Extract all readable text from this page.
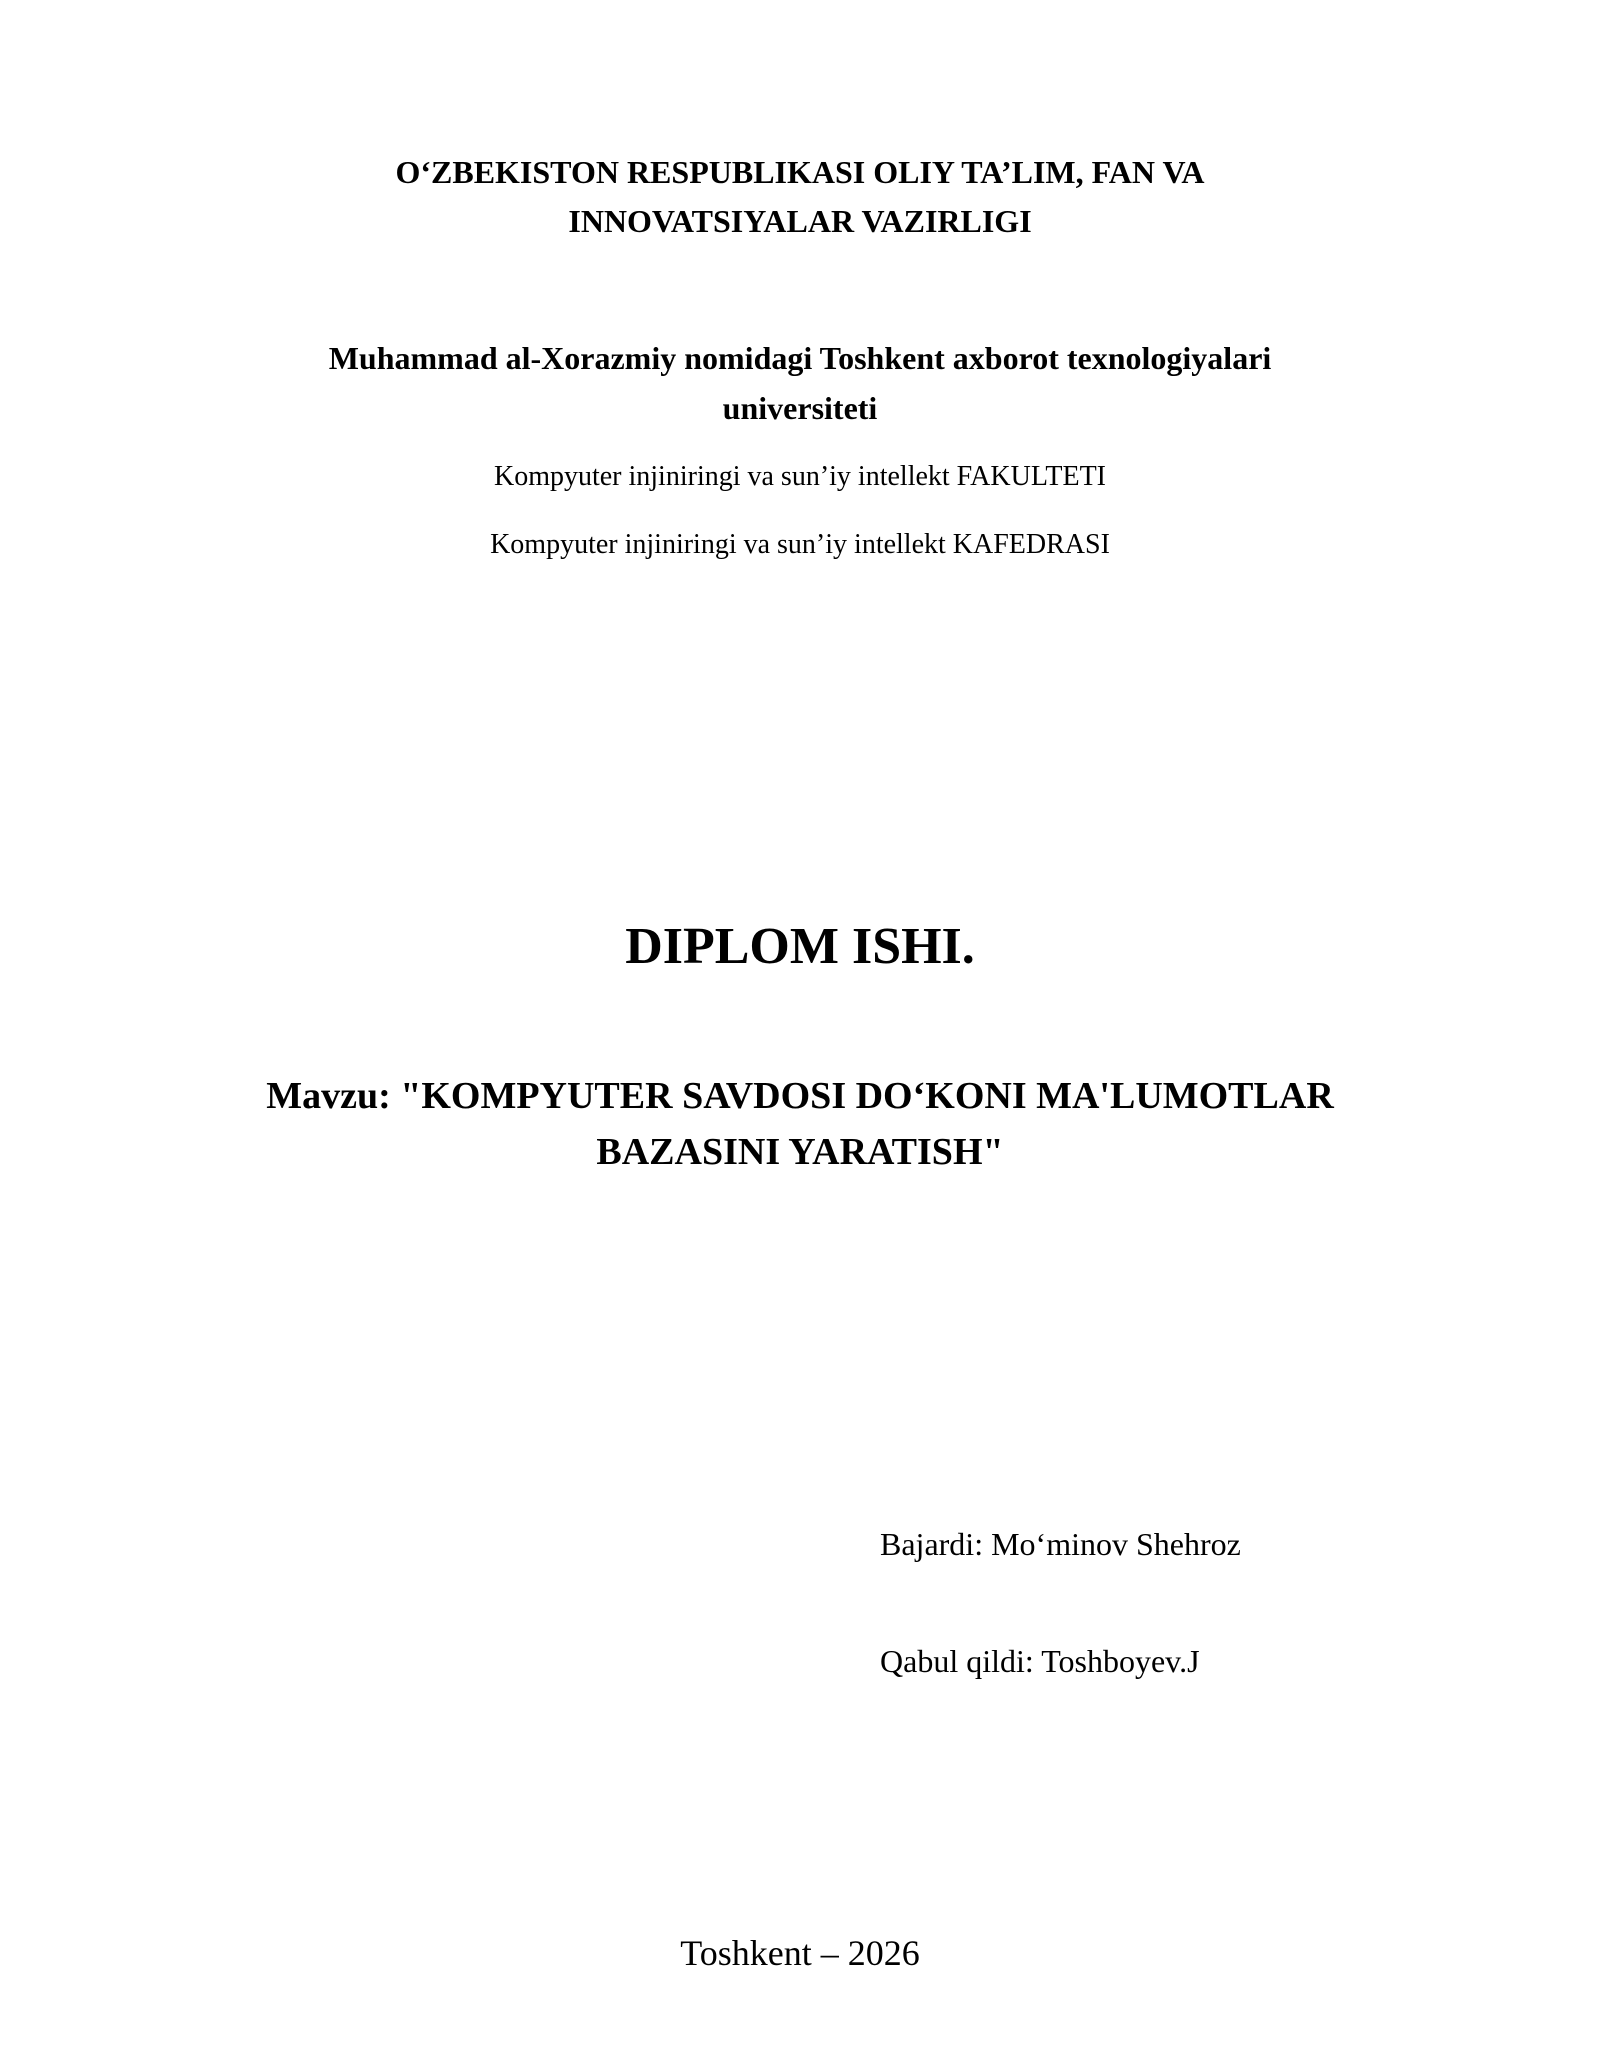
O‘ZBEKISTON RESPUBLIKASI OLIY TA’LIM, FAN VA
INNOVATSIYALAR VAZIRLIGI
Muhammad al-Xorazmiy nomidagi Toshkent axborot texnologiyalari
universiteti
Kompyuter injiniringi va sun’iy intellekt FAKULTETI
Kompyuter injiniringi va sun’iy intellekt KAFEDRASI
DIPLOM ISHI.
Mavzu: "KOMPYUTER SAVDOSI DO‘KONI MA'LUMOTLAR
BAZASINI YARATISH"
Bajardi: Mo‘minov Shehroz
Qabul qildi: Toshboyev.J
Toshkent – 2026
